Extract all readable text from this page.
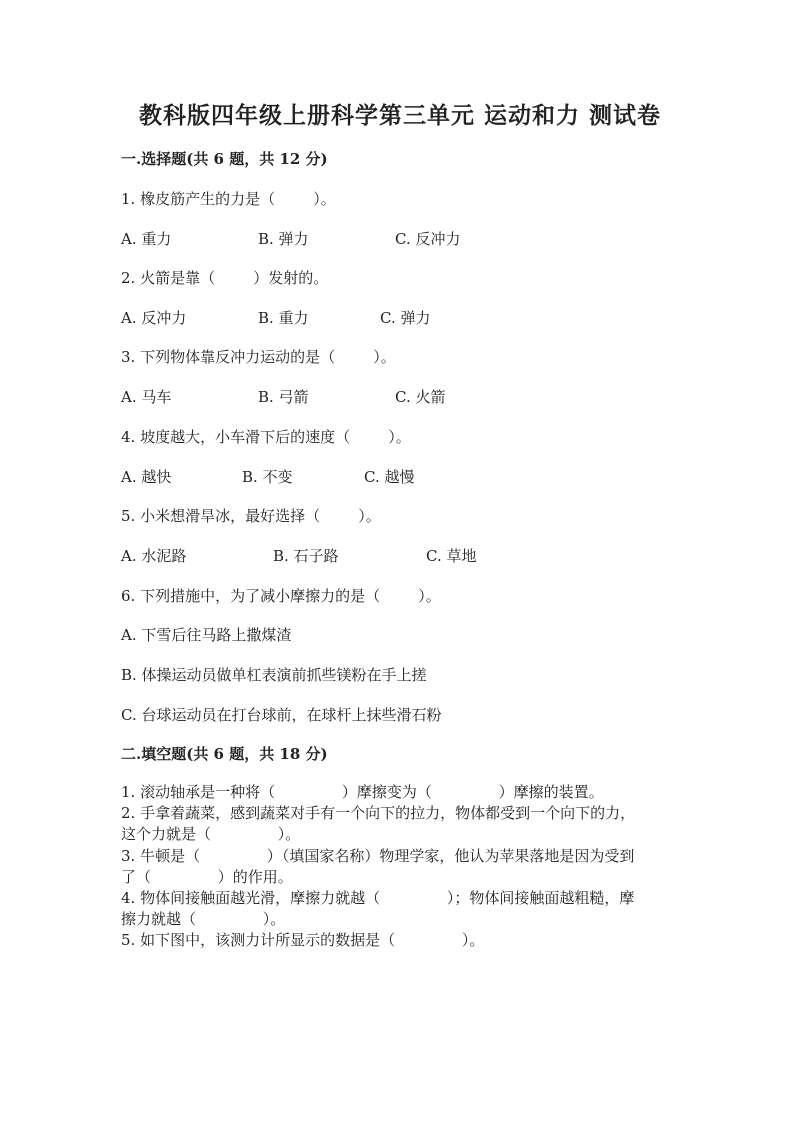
教科版四年级上册科学第三单元 运动和力 测试卷
一.选择题(共 6 题，共 12 分)
1. 橡皮筋产生的力是（        ）。
A. 重力	B. 弹力	C. 反冲力
2. 火箭是靠（        ）发射的。
A. 反冲力	B. 重力	C. 弹力
3. 下列物体靠反冲力运动的是（        ）。
A. 马车	B. 弓箭	C. 火箭
4. 坡度越大，小车滑下后的速度（        ）。
A. 越快	B. 不变	C. 越慢
5. 小米想滑旱冰，最好选择（        ）。
A. 水泥路	B. 石子路	C. 草地
6. 下列措施中，为了减小摩擦力的是（        ）。
A. 下雪后往马路上撒煤渣
B. 体操运动员做单杠表演前抓些镁粉在手上搓
C. 台球运动员在打台球前，在球杆上抹些滑石粉
二.填空题(共 6 题，共 18 分)
1. 滚动轴承是一种将（              ）摩擦变为（              ）摩擦的装置。
2. 手拿着蔬菜，感到蔬菜对手有一个向下的拉力，物体都受到一个向下的力，
这个力就是（              ）。
3. 牛顿是（              ）（填国家名称）物理学家，他认为苹果落地是因为受到
了（              ）的作用。
4. 物体间接触面越光滑，摩擦力就越（              ）；物体间接触面越粗糙，摩
擦力就越（              ）。
5. 如下图中，该测力计所显示的数据是（              ）。
